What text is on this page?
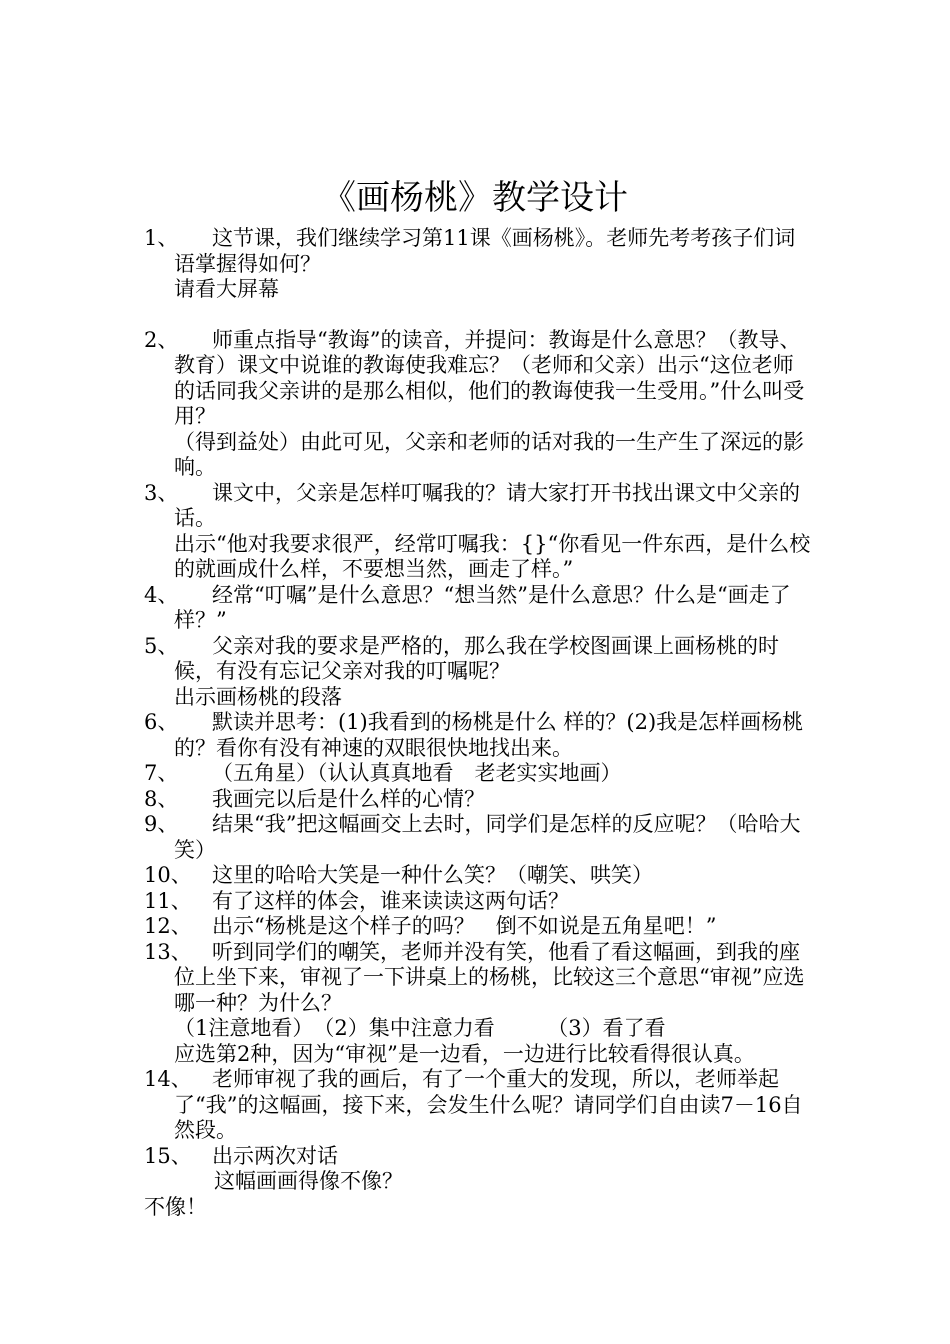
《画杨桃》教学设计
1、	这节课，我们继续学习第11课《画杨桃》。老师先考考孩子们词语掌握得如何？

请看大屏幕

2、	师重点指导“教诲”的读音，并提问：教诲是什么意思？（教导、教育）课文中说谁的教诲使我难忘？（老师和父亲）出示“这位老师的话同我父亲讲的是那么相似，他们的教诲使我一生受用。”什么叫受用？

（得到益处）由此可见，父亲和老师的话对我的一生产生了深远的影响。

3、	课文中，父亲是怎样叮嘱我的？请大家打开书找出课文中父亲的话。

出示“他对我要求很严，经常叮嘱我：{}“你看见一件东西，是什么校的就画成什么样，不要想当然，画走了样。”

4、	经常“叮嘱”是什么意思？“想当然”是什么意思？什么是“画走了样？”

5、	父亲对我的要求是严格的，那么我在学校图画课上画杨桃的时候，有没有忘记父亲对我的叮嘱呢？

出示画杨桃的段落

6、	默读并思考：(1)我看到的杨桃是什么 样的？(2)我是怎样画杨桃的？看你有没有神速的双眼很快地找出来。

7、	（五角星）（认认真真地看　老老实实地画）

8、	我画完以后是什么样的心情？

9、	结果“我”把这幅画交上去时，同学们是怎样的反应呢？（哈哈大笑）

10、 这里的哈哈大笑是一种什么笑？（嘲笑、哄笑）

11、 有了这样的体会，谁来读读这两句话？

12、 出示“杨桃是这个样子的吗？　倒不如说是五角星吧！”

13、 听到同学们的嘲笑，老师并没有笑，他看了看这幅画，到我的座位上坐下来，审视了一下讲桌上的杨桃，比较这三个意思“审视”应选哪一种？为什么？

（1注意地看）　（2）集中注意力看　　　（3）看了看

应选第2种，因为“审视”是一边看，一边进行比较看得很认真。

14、 老师审视了我的画后，有了一个重大的发现，所以，老师举起了“我”的这幅画，接下来，会发生什么呢？请同学们自由读7－16自然段。

15、 出示两次对话

这幅画画得像不像？

不像！
